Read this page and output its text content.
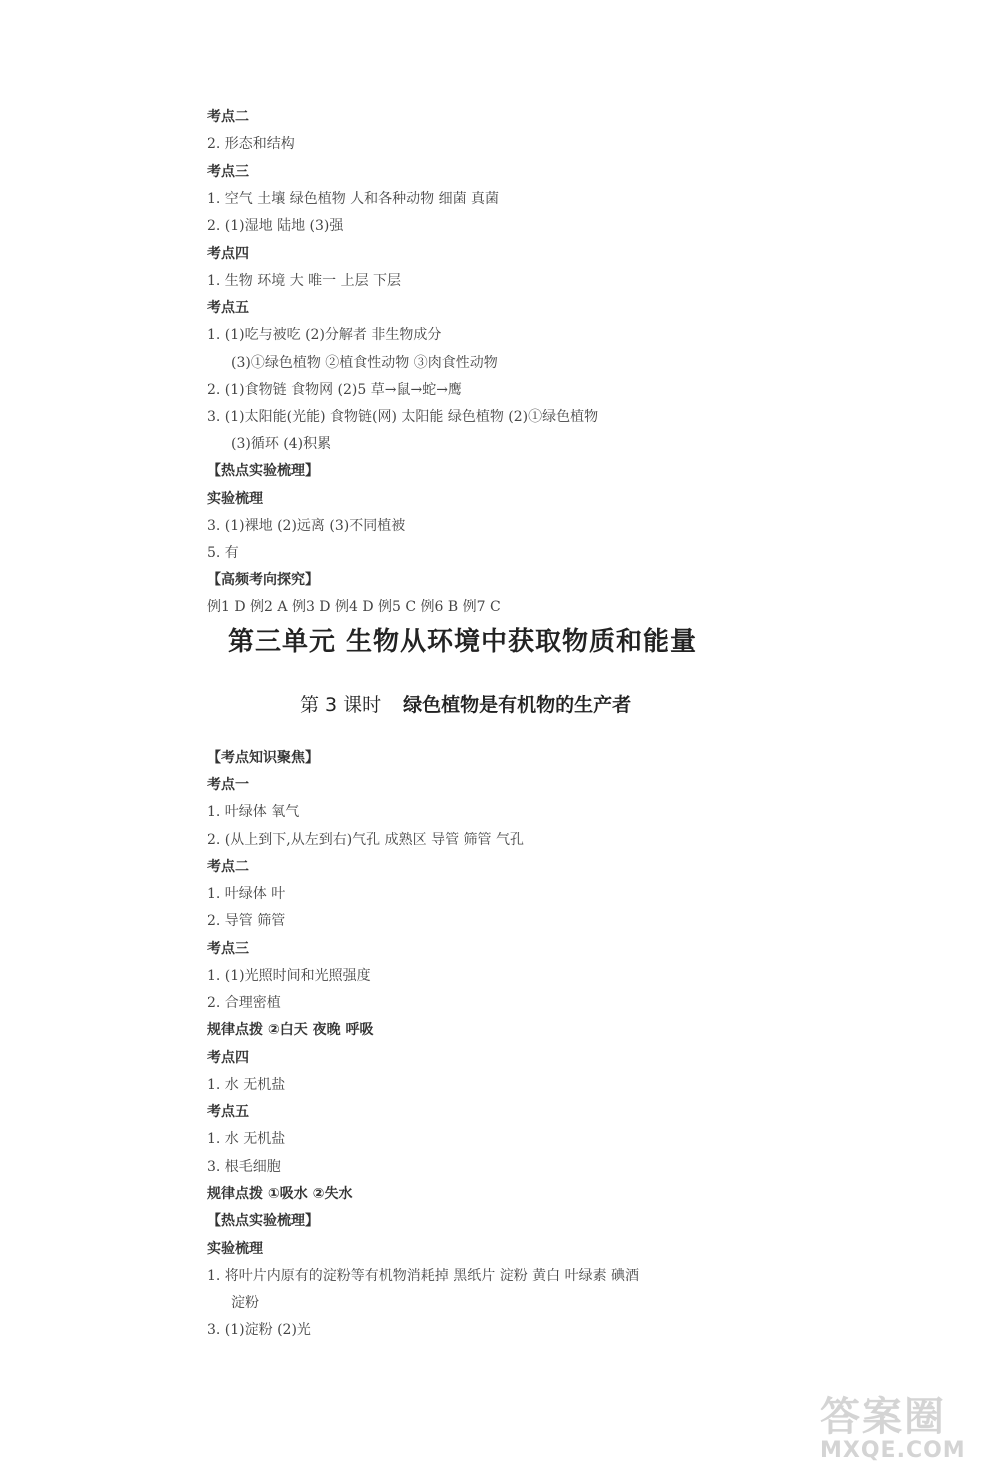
考点二

2. 形态和结构

考点三

1. 空气 土壤 绿色植物 人和各种动物 细菌 真菌

2. (1)湿地 陆地 (3)强

考点四

1. 生物 环境 大 唯一 上层 下层

考点五

1. (1)吃与被吃 (2)分解者 非生物成分

(3)①绿色植物 ②植食性动物 ③肉食性动物

2. (1)食物链 食物网 (2)5 草→鼠→蛇→鹰

3. (1)太阳能(光能) 食物链(网) 太阳能 绿色植物 (2)①绿色植物

(3)循环 (4)积累

【热点实验梳理】

实验梳理

3. (1)裸地 (2)远离 (3)不同植被

5. 有

【高频考向探究】

例1 D 例2 A 例3 D 例4 D 例5 C 例6 B 例7 C

第三单元 生物从环境中获取物质和能量
第 3 课时 绿色植物是有机物的生产者

【考点知识聚焦】

考点一

1. 叶绿体 氧气

2. (从上到下,从左到右)气孔 成熟区 导管 筛管 气孔

考点二

1. 叶绿体 叶

2. 导管 筛管

考点三

1. (1)光照时间和光照强度

2. 合理密植

规律点拨 ②白天 夜晚 呼吸

考点四

1. 水 无机盐

考点五

1. 水 无机盐

3. 根毛细胞

规律点拨 ①吸水 ②失水

【热点实验梳理】

实验梳理

1. 将叶片内原有的淀粉等有机物消耗掉 黑纸片 淀粉 黄白 叶绿素 碘酒

淀粉

3. (1)淀粉 (2)光

答案圈
MXQE.COM
